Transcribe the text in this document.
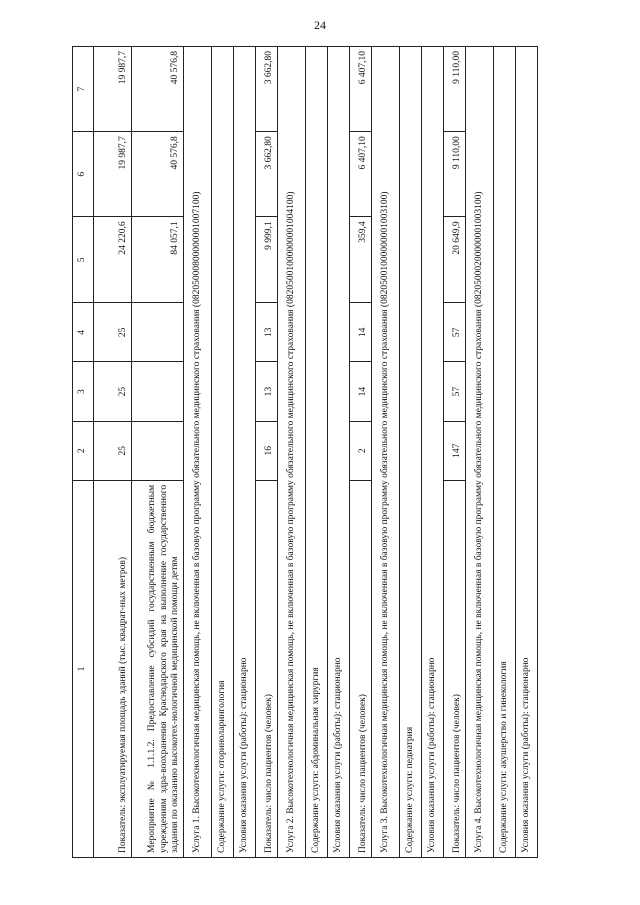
24
1	2	3	4	5	6	7
Показатель: эксплуатируемая площадь зданий (тыс. квадрат-ных метров)	25	25	25	24 220,6	19 987,7	19 987,7
Мероприятие № 1.1.1.2. Предоставление субсидий государственным бюджетным учреждениям здра-воохранения Краснодарского края на выполнение государственного задания по оказанию высокотех-нологичной медицинской помощи детям				84 057,1	40 576,8	40 576,8
Услуга 1. Высокотехнологичная медицинская помощь, не включенная в базовую программу обязательного медицинского страхования (08205000800000001007100)						
Содержание услуги: оториноларингология						
Условия оказания услуги (работы): стационарно						
Показатель: число пациентов (человек)	16	13	13	9 999,1	3 662,80	3 662,80
Услуга 2. Высокотехнологичная медицинская помощь, не включенная в базовую программу обязательного медицинского страхования (08205001000000001004100)						
Содержание услуги: абдоминальная хирургия						
Условия оказания услуги (работы): стационарно						
Показатель: число пациентов (человек)	2	14	14	359,4	6 407,10	6 407,10
Услуга 3. Высокотехнологичная медицинская помощь, не включенная в базовую программу обязательного медицинского страхования (08205001000000001003100)						
Содержание услуги: педиатрия						
Условия оказания услуги (работы): стационарно						
Показатель: число пациентов (человек)	147	57	57	20 649,9	9 110,00	9 110,00
Услуга 4. Высокотехнологичная медицинская помощь, не включенная в базовую программу обязательного медицинского страхования (08205000200000001003100)						
Содержание услуги: акушерство и гинекология						
Условия оказания услуги (работы): стационарно						
